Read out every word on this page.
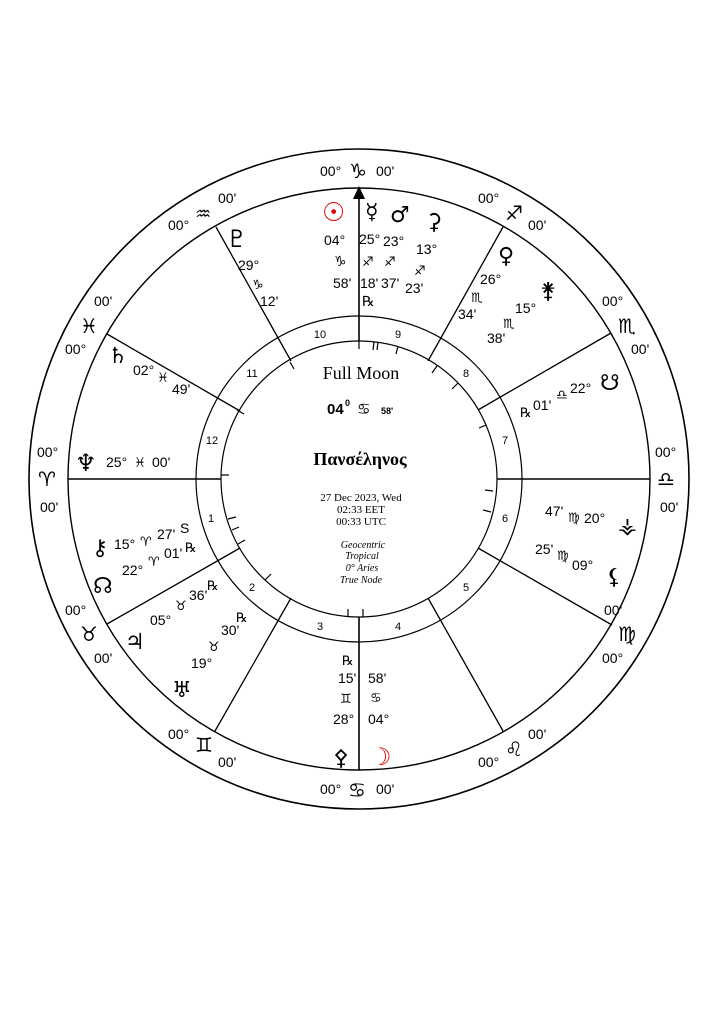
1
2
3	4
5
6
7
8
9
10
11
12
00° ♑ 00'
00° ♒
00'
00'
♓
00°
00°
♈
00'
00°
♉
00'
00° ♊
00'
00° ♋ 00'
00°
♌
00'
00'
♍
00°
00°
♎
00'
00°
♏
00'
00°
♐ 00'
☉
04°
♑
58'
☿
25°
♐
18'
℞
♂
23°
♐
37'
⚳
13°
♐
23'
♀
26°
♏
34'
⚵
15°
♏
38'
☋
22°
♎
01'
℞
⚶
20°
♍
47'
⚸
09°
♍
25'
☽
58'
♋
04°
⚴
℞
15'
♊
28°
♅
℞
30'
♉
19°
♃
℞
36'
♉
05°
☊
22° ♈
01' ℞
⚷ 15° ♈
27' S
♆ 25° ♓ 00'
♄
02°
♓
49'
♇
29°
♑
12'
Full Moon
04 0 ♋ 58'
Πανσέληνος
27 Dec 2023, Wed
02:33 EET
00:33 UTC
Geocentric
Tropical
0° Aries
True Node
